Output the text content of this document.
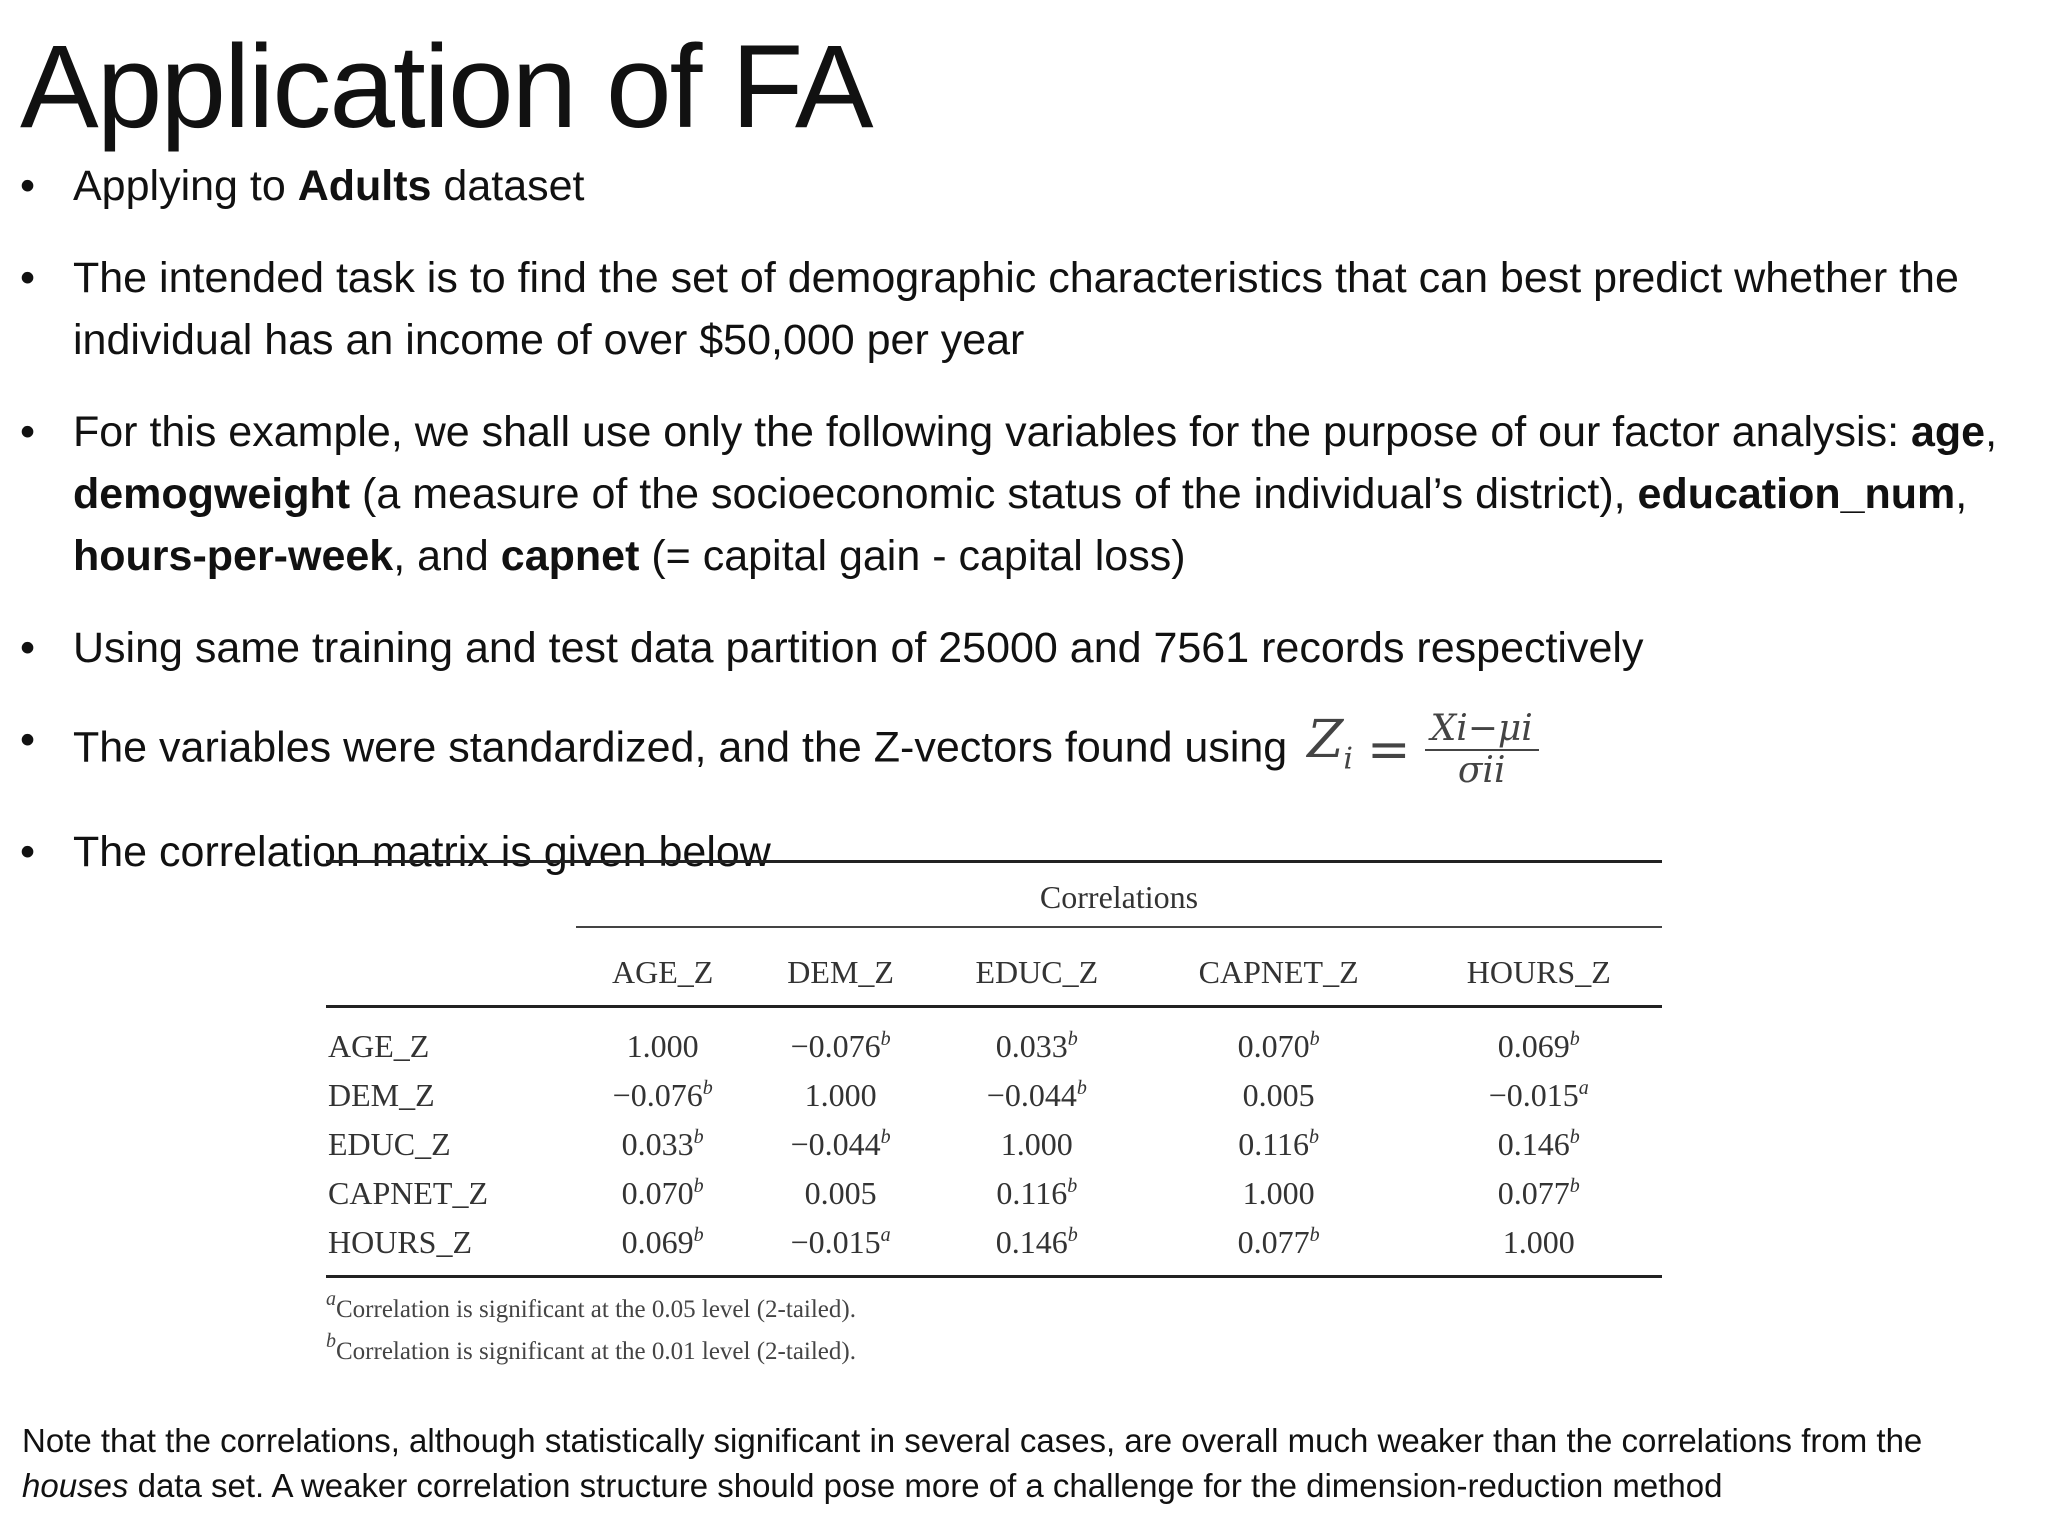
Application of FA
• Applying to Adults dataset
• The intended task is to find the set of demographic characteristics that can best predict whether the individual has an income of over $50,000 per year
• For this example, we shall use only the following variables for the purpose of our factor analysis: age, demogweight (a measure of the socioeconomic status of the individual’s district), education_num, hours-per-week, and capnet (= capital gain - capital loss)
• Using same training and test data partition of 25000 and 7561 records respectively
• The variables were standardized, and the Z-vectors found using $Z_i = \frac{Xi-\mu i}{\text{σii}}$
• The correlation matrix is given below
	Correlations				
	AGE_Z	DEM_Z	EDUC_Z	CAPNET_Z	HOURS_Z
AGE_Z	1.000	−0.076$^b$	0.033$^b$	0.070$^b$	0.069$^b$
DEM_Z	−0.076$^b$	1.000	−0.044$^b$	0.005	−0.015$^a$
EDUC_Z	0.033$^b$	−0.044$^b$	1.000	0.116$^b$	0.146$^b$
CAPNET_Z	0.070$^b$	0.005	0.116$^b$	1.000	0.077$^b$
HOURS_Z	0.069$^b$	−0.015$^a$	0.146$^b$	0.077$^b$	1.000
$^a$Correlation is significant at the 0.05 level (2-tailed).
$^b$Correlation is significant at the 0.01 level (2-tailed).

Note that the correlations, although statistically significant in several cases, are overall much weaker than the correlations from the houses data set. A weaker correlation structure should pose more of a challenge for the dimension-reduction method
